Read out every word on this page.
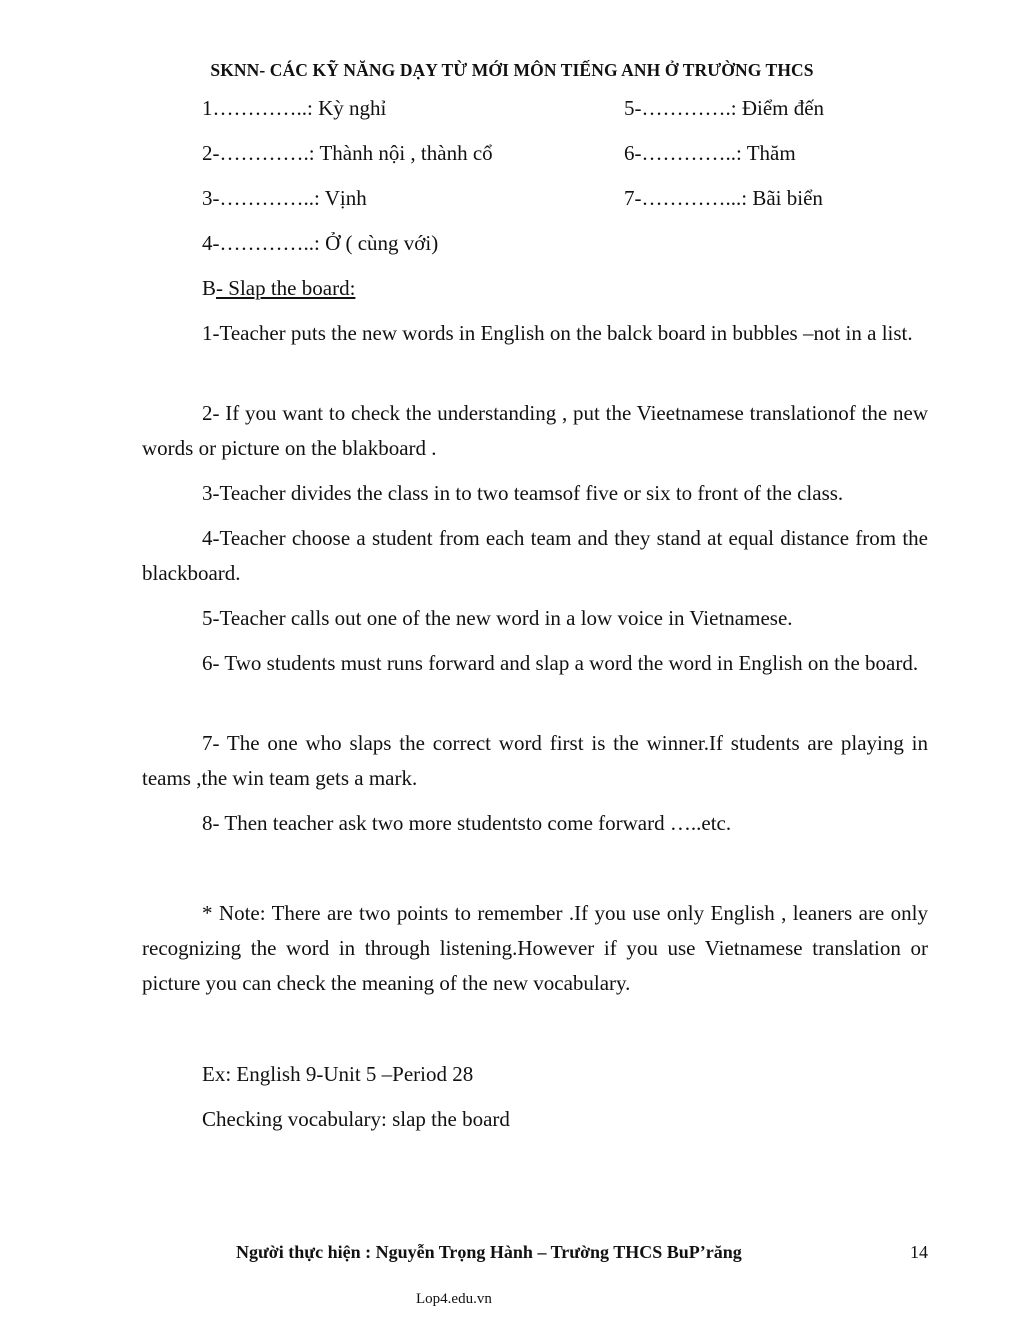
SKNN- CÁC KỸ NĂNG DẠY TỪ MỚI MÔN TIẾNG ANH Ở TRƯỜNG THCS
1…………..: Kỳ nghỉ	5-………….: Điểm đến
2-………….: Thành nội , thành cổ	6-…………..: Thăm
3-…………..: Vịnh	7-…………...: Bãi biển
4-…………..: Ở ( cùng với)
B- Slap the board:
1-Teacher puts the new words in English on the balck board in bubbles –not in a list.
2- If you want to check the understanding , put the Vieetnamese translationof the new words or picture on the blakboard .
3-Teacher divides the class in to two teamsof five or six to front of the class.
4-Teacher choose a student from each team and they stand at equal distance from the blackboard.
5-Teacher calls out one of the new word in a low voice in Vietnamese.
6- Two students must runs forward and slap a word the word in English on the board.
7- The one who slaps the correct word first is the winner.If students are playing in teams ,the win team gets a mark.
8- Then teacher ask two more studentsto come forward …..etc.
* Note: There are two points to remember .If you use only English , leaners are only recognizing the word in through listening.However if you use Vietnamese translation or picture you can check the meaning of the new vocabulary.
Ex: English 9-Unit 5 –Period 28
Checking vocabulary: slap the board
Người thực hiện : Nguyễn Trọng Hành – Trường THCS BuP’răng	14
Lop4.edu.vn
